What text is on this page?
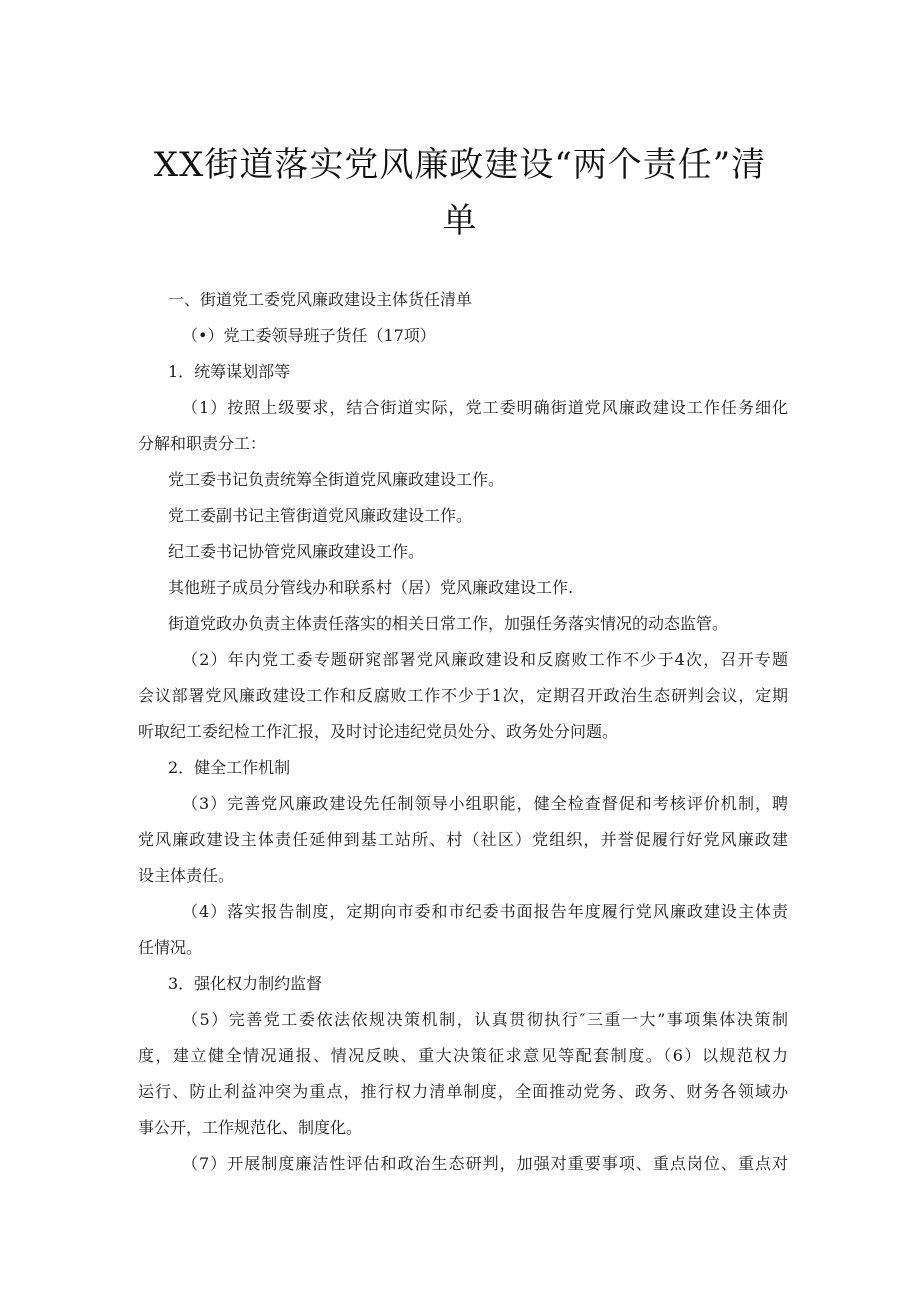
XX街道落实党风廉政建设“两个责任”清
单
一、街道党工委党风廉政建设主体货任清单
（•）党工委领导班子货任（17项）
1．统筹谋划部等
（1）按照上级要求，结合街道实际，党工委明确街道党风廉政建设工作任务细化
分解和职责分工：
党工委书记负责统筹全街道党风廉政建设工作。
党工委副书记主管街道党风廉政建设工作。
纪工委书记协管党风廉政建设工作。
其他班子成员分管线办和联系村（居）党风廉政建设工作.
街道党政办负责主体责任落实的相关日常工作，加强任务落实情况的动态监管。
（2）年内党工委专题研窕部署党风廉政建设和反腐败工作不少于4次，召开专题
会议部署党风廉政建设工作和反腐败工作不少于1次，定期召开政治生态研判会议，定期
听取纪工委纪检工作汇报，及时讨论违纪党员处分、政务处分问题。
2．健全工作机制
（3）完善党风廉政建设先任制领导小组职能，健全检查督促和考核评价机制，聘
党风廉政建设主体责任延伸到基工站所、村（社区）党组织，并誉促履行好党风廉政建
设主体责任。
（4）落实报告制度，定期向市委和市纪委书面报告年度履行党风廉政建设主体责
任情况。
3．强化权力制约监督
（5）完善党工委依法依规决策机制，认真贯彻执行″三重一大”事项集体决策制
度，建立健全情况通报、情况反映、重大决策征求意见等配套制度。（6）以规范权力
运行、防止利益冲突为重点，推行权力清单制度，全面推动党务、政务、财务各领域办
事公开，工作规范化、制度化。
（7）开展制度廉洁性评估和政治生态研判，加强对重要事项、重点岗位、重点对
